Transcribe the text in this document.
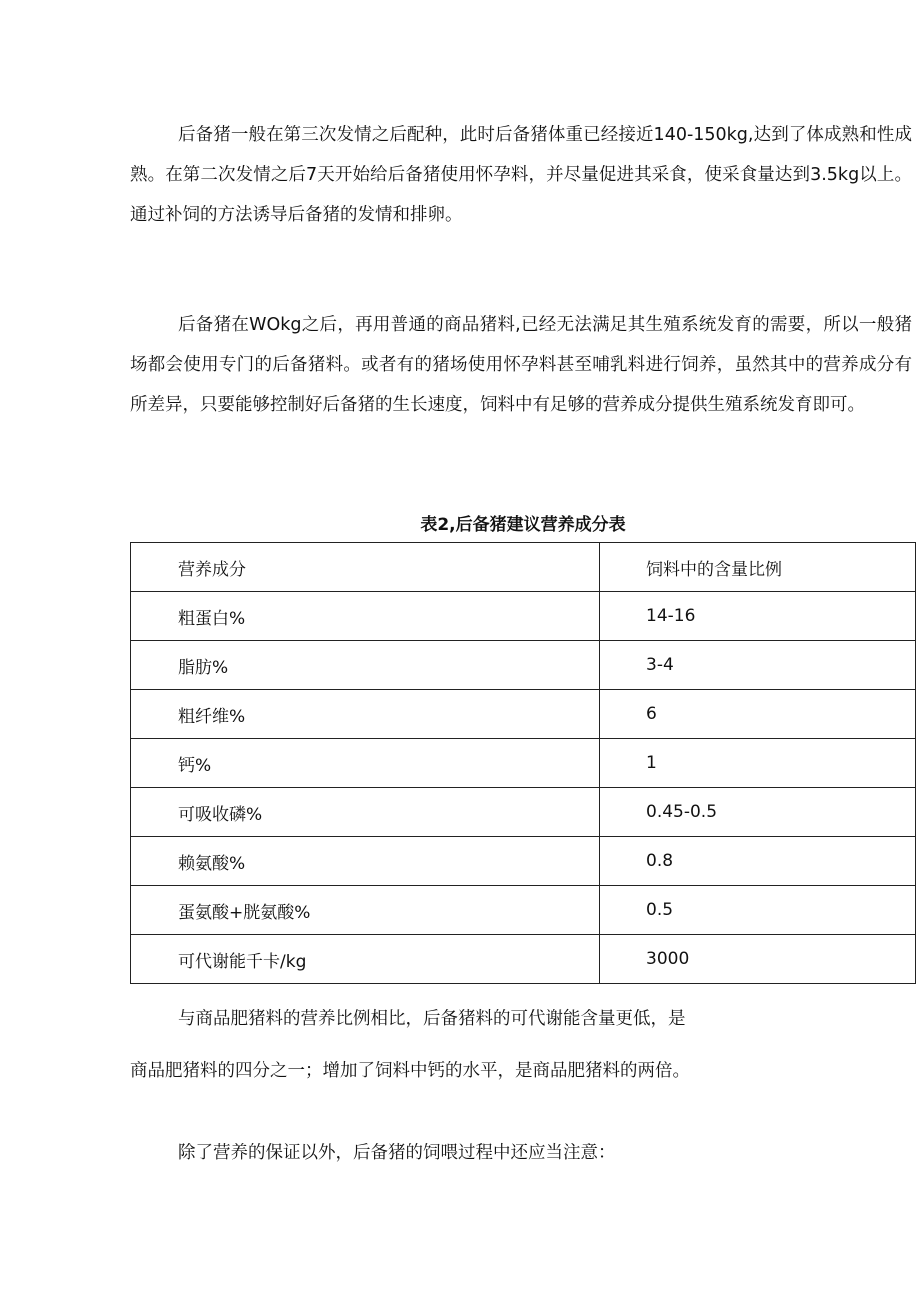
后备猪一般在第三次发情之后配种，此时后备猪体重已经接近140-150kg,达到了体成熟和性成熟。在第二次发情之后7天开始给后备猪使用怀孕料，并尽量促进其采食，使采食量达到3.5kg以上。通过补饲的方法诱导后备猪的发情和排卵。

后备猪在WOkg之后，再用普通的商品猪料,已经无法满足其生殖系统发育的需要，所以一般猪场都会使用专门的后备猪料。或者有的猪场使用怀孕料甚至哺乳料进行饲养，虽然其中的营养成分有所差异，只要能够控制好后备猪的生长速度，饲料中有足够的营养成分提供生殖系统发育即可。

表2,后备猪建议营养成分表

营养成分	饲料中的含量比例
粗蛋白%	14-16
脂肪%	3-4
粗纤维%	6
钙%	1
可吸收磷%	0.45-0.5
赖氨酸%	0.8
蛋氨酸+胱氨酸%	0.5
可代谢能千卡/kg	3000

与商品肥猪料的营养比例相比，后备猪料的可代谢能含量更低，是
商品肥猪料的四分之一；增加了饲料中钙的水平，是商品肥猪料的两倍。

除了营养的保证以外，后备猪的饲喂过程中还应当注意：
